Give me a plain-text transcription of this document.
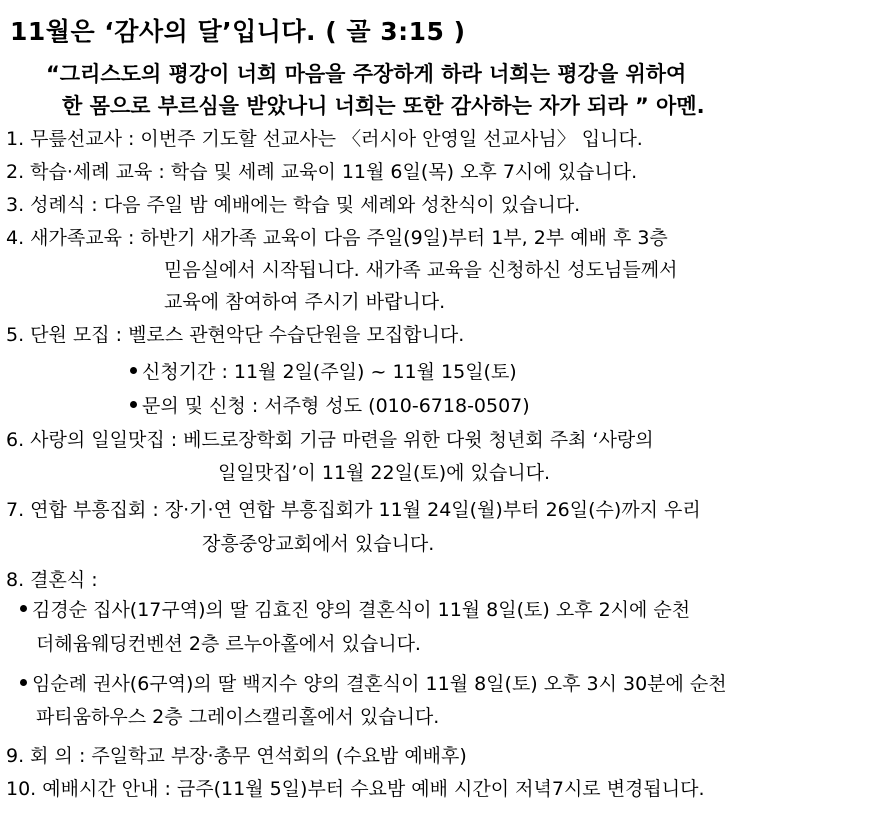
11월은 ‘감사의 달’입니다. ( 골 3:15 )
“그리스도의 평강이 너희 마음을 주장하게 하라 너희는 평강을 위하여
한 몸으로 부르심을 받았나니 너희는 또한 감사하는 자가 되라 ” 아멘.
1. 무릎선교사 : 이번주 기도할 선교사는 〈러시아 안영일 선교사님〉 입니다.
2. 학습·세례 교육 : 학습 및 세례 교육이 11월 6일(목) 오후 7시에 있습니다.
3. 성례식 : 다음 주일 밤 예배에는 학습 및 세례와 성찬식이 있습니다.
4. 새가족교육 : 하반기 새가족 교육이 다음 주일(9일)부터 1부, 2부 예배 후 3층
믿음실에서 시작됩니다. 새가족 교육을 신청하신 성도님들께서
교육에 참여하여 주시기 바랍니다.
5. 단원 모집 : 벨로스 관현악단 수습단원을 모집합니다.
신청기간 : 11월 2일(주일) ~ 11월 15일(토)
문의 및 신청 : 서주형 성도 (010-6718-0507)
6. 사랑의 일일맛집 : 베드로장학회 기금 마련을 위한 다윗 청년회 주최 ‘사랑의
일일맛집’이 11월 22일(토)에 있습니다.
7. 연합 부흥집회 : 장·기·연 연합 부흥집회가 11월 24일(월)부터 26일(수)까지 우리
장흥중앙교회에서 있습니다.
8. 결혼식 :
김경순 집사(17구역)의 딸 김효진 양의 결혼식이 11월 8일(토) 오후 2시에 순천
더헤윰웨딩컨벤션 2층 르누아홀에서 있습니다.
임순례 권사(6구역)의 딸 백지수 양의 결혼식이 11월 8일(토) 오후 3시 30분에 순천
파티움하우스 2층 그레이스캘리홀에서 있습니다.
9. 회 의 : 주일학교 부장·총무 연석회의 (수요밤 예배후)
10. 예배시간 안내 : 금주(11월 5일)부터 수요밤 예배 시간이 저녁7시로 변경됩니다.
